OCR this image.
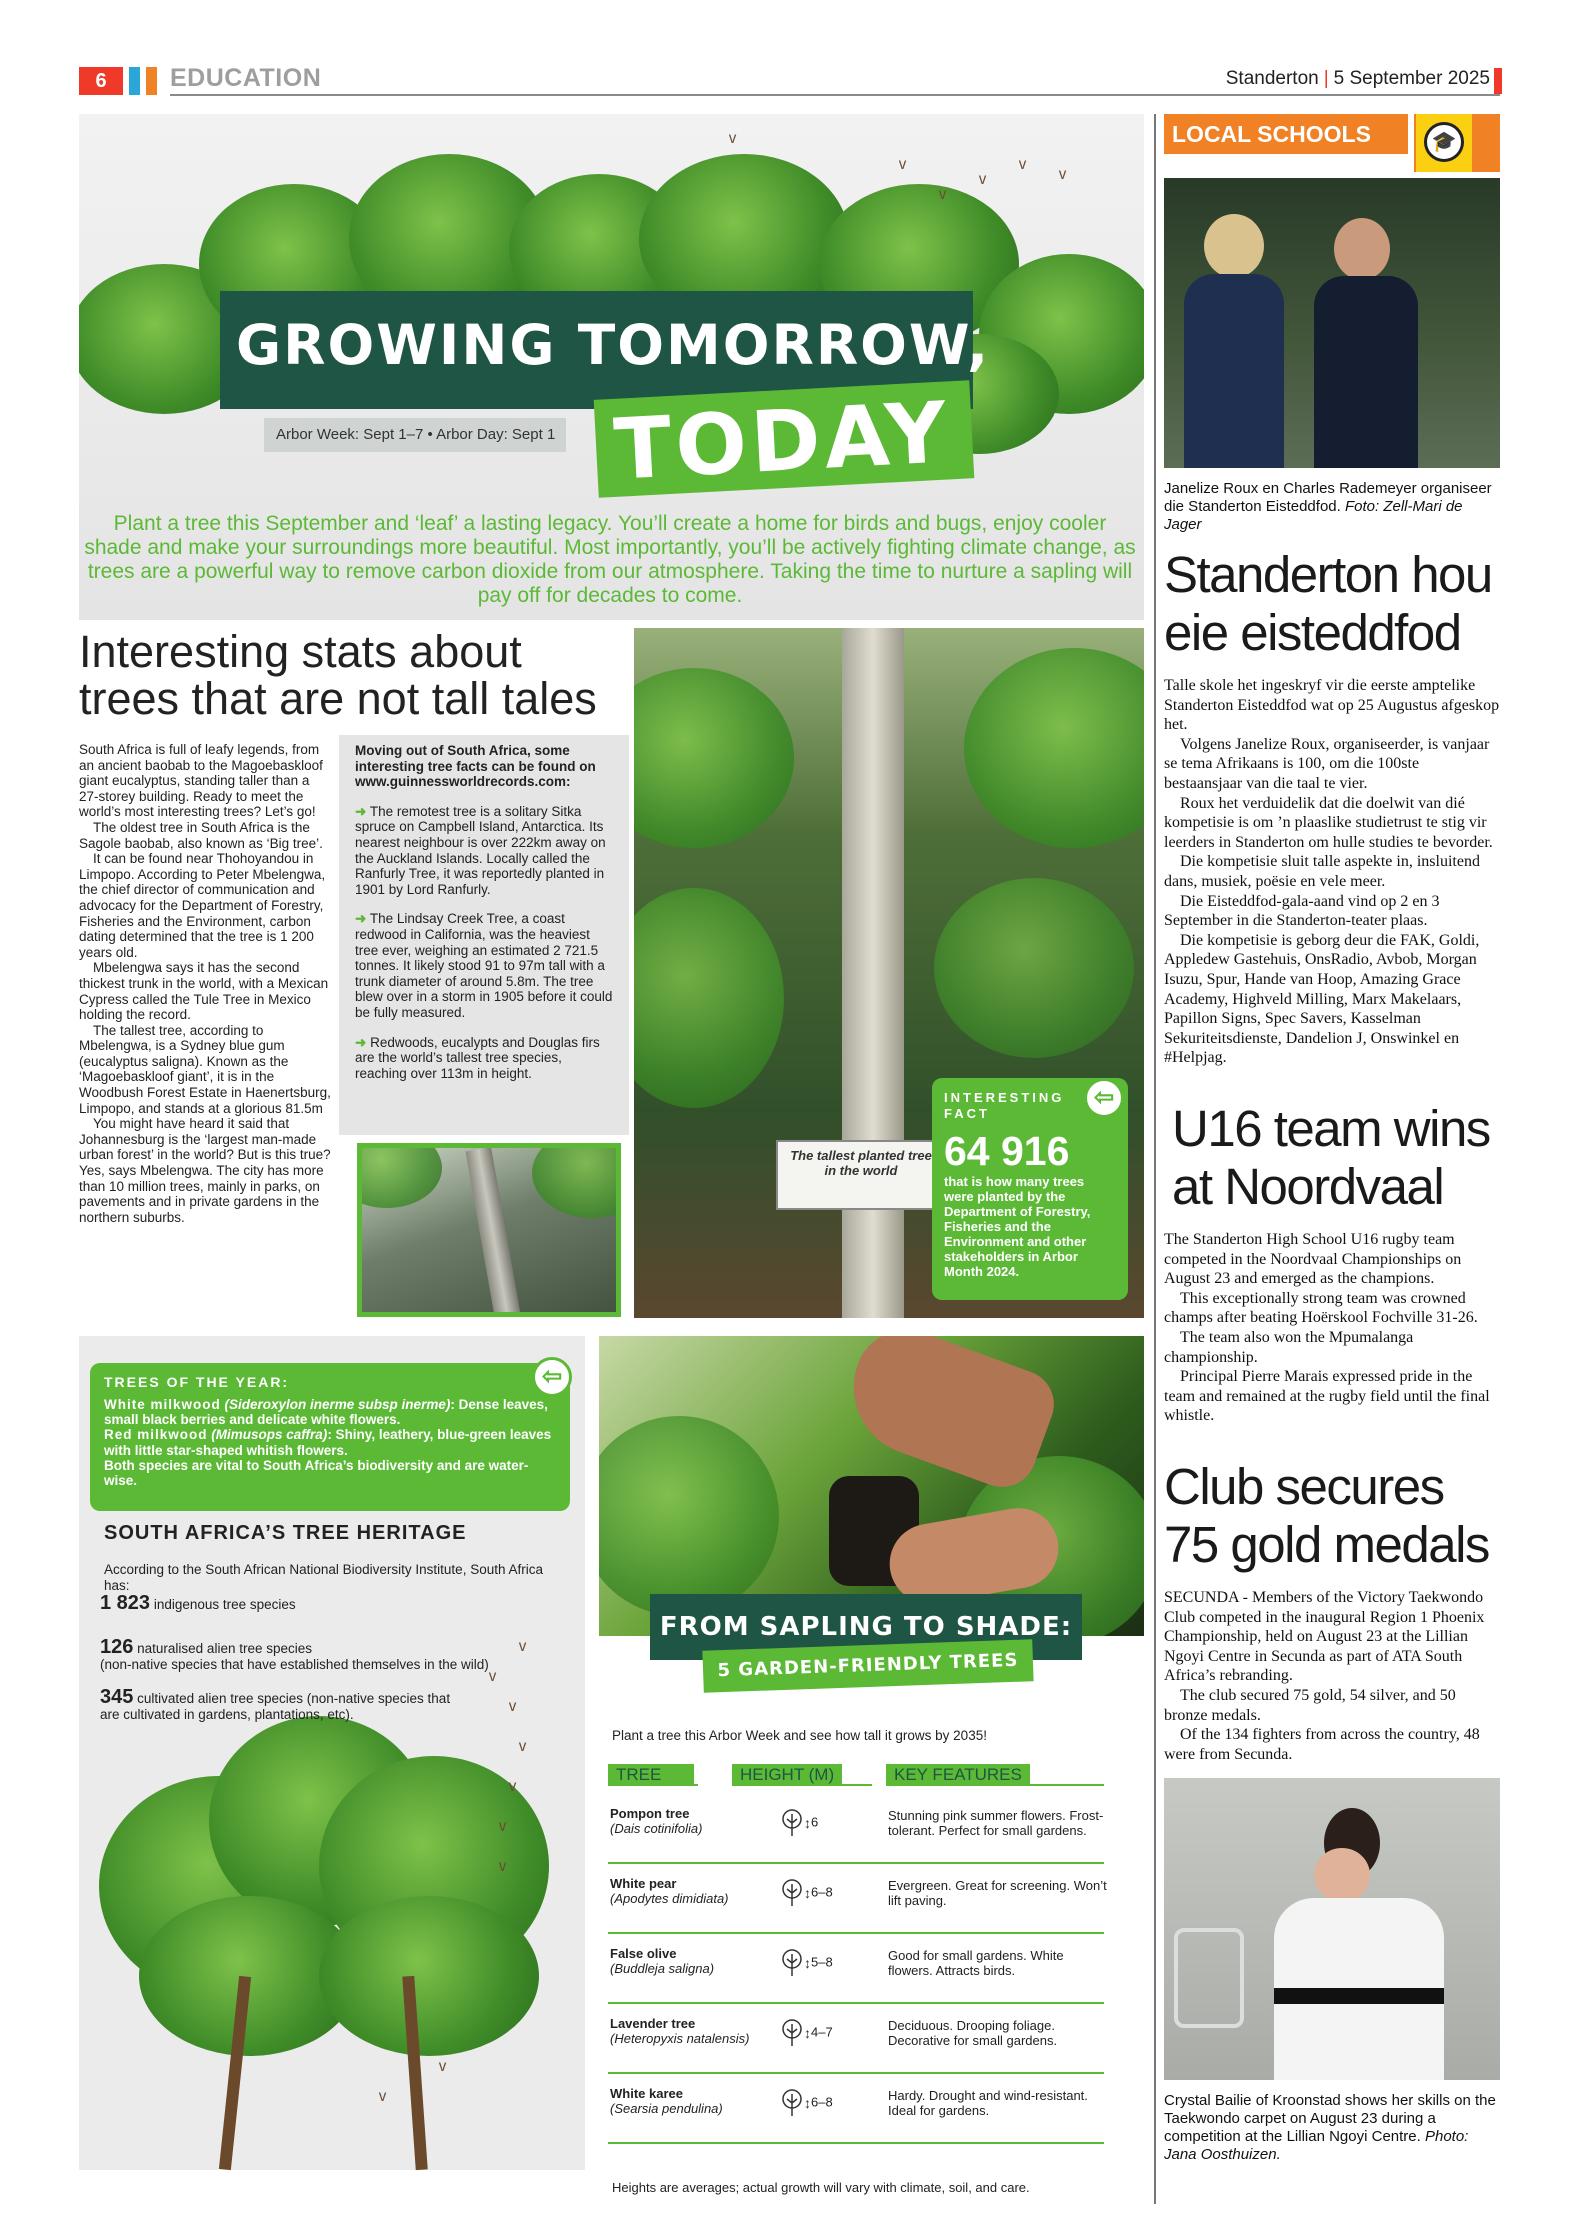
6	EDUCATION	Standerton | 5 September 2025
ᵛ
ᵛ
ᵛ
ᵛ
ᵛ ᵛ
GROWING TOMORROW,
Arbor Week: Sept 1–7 • Arbor Day: Sept 1 TODAY
Plant a tree this September and ‘leaf’ a lasting legacy. You’ll create a home for birds and bugs, enjoy cooler shade and make your surroundings more beautiful. Most importantly, you’ll be actively fighting climate change, as trees are a powerful way to remove carbon dioxide from our atmosphere. Taking the time to nurture a sapling will pay off for decades to come.
Interesting stats about trees that are not tall tales

South Africa is full of leafy legends, from an ancient baobab to the Magoebaskloof giant eucalyptus, standing taller than a 27-storey building. Ready to meet the world’s most interesting trees? Let’s go!

The oldest tree in South Africa is the Sagole baobab, also known as ‘Big tree’.

It can be found near Thohoyandou in Limpopo. According to Peter Mbelengwa, the chief director of communication and advocacy for the Department of Forestry, Fisheries and the Environment, carbon dating determined that the tree is 1 200 years old.

Mbelengwa says it has the second thickest trunk in the world, with a Mexican Cypress called the Tule Tree in Mexico holding the record.

The tallest tree, according to Mbelengwa, is a Sydney blue gum (eucalyptus saligna). Known as the ‘Magoebaskloof giant’, it is in the Woodbush Forest Estate in Haenertsburg, Limpopo, and stands at a glorious 81.5m

You might have heard it said that Johannesburg is the ‘largest man-made urban forest’ in the world? But is this true? Yes, says Mbelengwa. The city has more than 10 million trees, mainly in parks, on pavements and in private gardens in the northern suburbs.

Moving out of South Africa, some interesting tree facts can be found on www.guinnessworldrecords.com:
➜ The remotest tree is a solitary Sitka spruce on Campbell Island, Antarctica. Its nearest neighbour is over 222km away on the Auckland Islands. Locally called the Ranfurly Tree, it was reportedly planted in 1901 by Lord Ranfurly.
➜ The Lindsay Creek Tree, a coast redwood in California, was the heaviest tree ever, weighing an estimated 2 721.5 tonnes. It likely stood 91 to 97m tall with a trunk diameter of around 5.8m. The tree blew over in a storm in 1905 before it could be fully measured.
➜ Redwoods, eucalypts and Douglas firs are the world’s tallest tree species, reaching over 113m in height.
The tallest planted tree in the world
INTERESTING
FACT
64 916
that is how many trees were planted by the Department of Forestry, Fisheries and the Environment and other stakeholders in Arbor Month 2024.
⇦
ᵛ
ᵛ
ᵛ
ᵛ
ᵛ
ᵛ
ᵛ
ᵛ
ᵛ
TREES OF THE YEAR:
White milkwood (Sideroxylon inerme subsp inerme): Dense leaves, small black berries and delicate white flowers.
Red milkwood (Mimusops caffra): Shiny, leathery, blue-green leaves with little star-shaped whitish flowers.
Both species are vital to South Africa’s biodiversity and are water-wise.
⇦
SOUTH AFRICA’S TREE HERITAGE
According to the South African National Biodiversity Institute, South Africa has:
1 823 indigenous tree species
126 naturalised alien tree species
(non-native species that have established themselves in the wild)
345 cultivated alien tree species (non-native species that
are cultivated in gardens, plantations, etc).
FROM SAPLING TO SHADE:
5 GARDEN-FRIENDLY TREES
Plant a tree this Arbor Week and see how tall it grows by 2035!
TREE	HEIGHT (M)	KEY FEATURES
Pompon tree
(Dais cotinifolia)	↕6	Stunning pink summer flowers. Frost-tolerant. Perfect for small gardens.
White pear
(Apodytes dimidiata)	↕6–8	Evergreen. Great for screening. Won’t lift paving.
False olive
(Buddleja saligna)	↕5–8	Good for small gardens. White flowers. Attracts birds.
Lavender tree
(Heteropyxis natalensis)	↕4–7	Deciduous. Drooping foliage. Decorative for small gardens.
White karee
(Searsia pendulina)	↕6–8	Hardy. Drought and wind-resistant. Ideal for gardens.
Heights are averages; actual growth will vary with climate, soil, and care.
LOCAL SCHOOLS	🎓
Janelize Roux en Charles Rademeyer organiseer die Standerton Eisteddfod. Foto: Zell-Mari de Jager
Standerton hou eie eisteddfod

Talle skole het ingeskryf vir die eerste amptelike Standerton Eisteddfod wat op 25 Augustus afgeskop het.

Volgens Janelize Roux, organiseerder, is vanjaar se tema Afrikaans is 100, om die 100ste bestaansjaar van die taal te vier.

Roux het verduidelik dat die doelwit van dié kompetisie is om ’n plaaslike studietrust te stig vir leerders in Standerton om hulle studies te bevorder.

Die kompetisie sluit talle aspekte in, insluitend dans, musiek, poësie en vele meer.

Die Eisteddfod-gala-aand vind op 2 en 3 September in die Standerton-teater plaas.

Die kompetisie is geborg deur die FAK, Goldi, Appledew Gastehuis, OnsRadio, Avbob, Morgan Isuzu, Spur, Hande van Hoop, Amazing Grace Academy, Highveld Milling, Marx Makelaars, Papillon Signs, Spec Savers, Kasselman Sekuriteitsdienste, Dandelion J, Onswinkel en #Helpjag.

U16 team wins at Noordvaal

The Standerton High School U16 rugby team competed in the Noordvaal Championships on August 23 and emerged as the champions.

This exceptionally strong team was crowned champs after beating Hoërskool Fochville 31-26.

The team also won the Mpumalanga championship.

Principal Pierre Marais expressed pride in the team and remained at the rugby field until the final whistle.

Club secures 75 gold medals

SECUNDA - Members of the Victory Taekwondo Club competed in the inaugural Region 1 Phoenix Championship, held on August 23 at the Lillian Ngoyi Centre in Secunda as part of ATA South Africa’s rebranding.

The club secured 75 gold, 54 silver, and 50 bronze medals.

Of the 134 fighters from across the country, 48 were from Secunda.

Crystal Bailie of Kroonstad shows her skills on the Taekwondo carpet on August 23 during a competition at the Lillian Ngoyi Centre. Photo: Jana Oosthuizen.
